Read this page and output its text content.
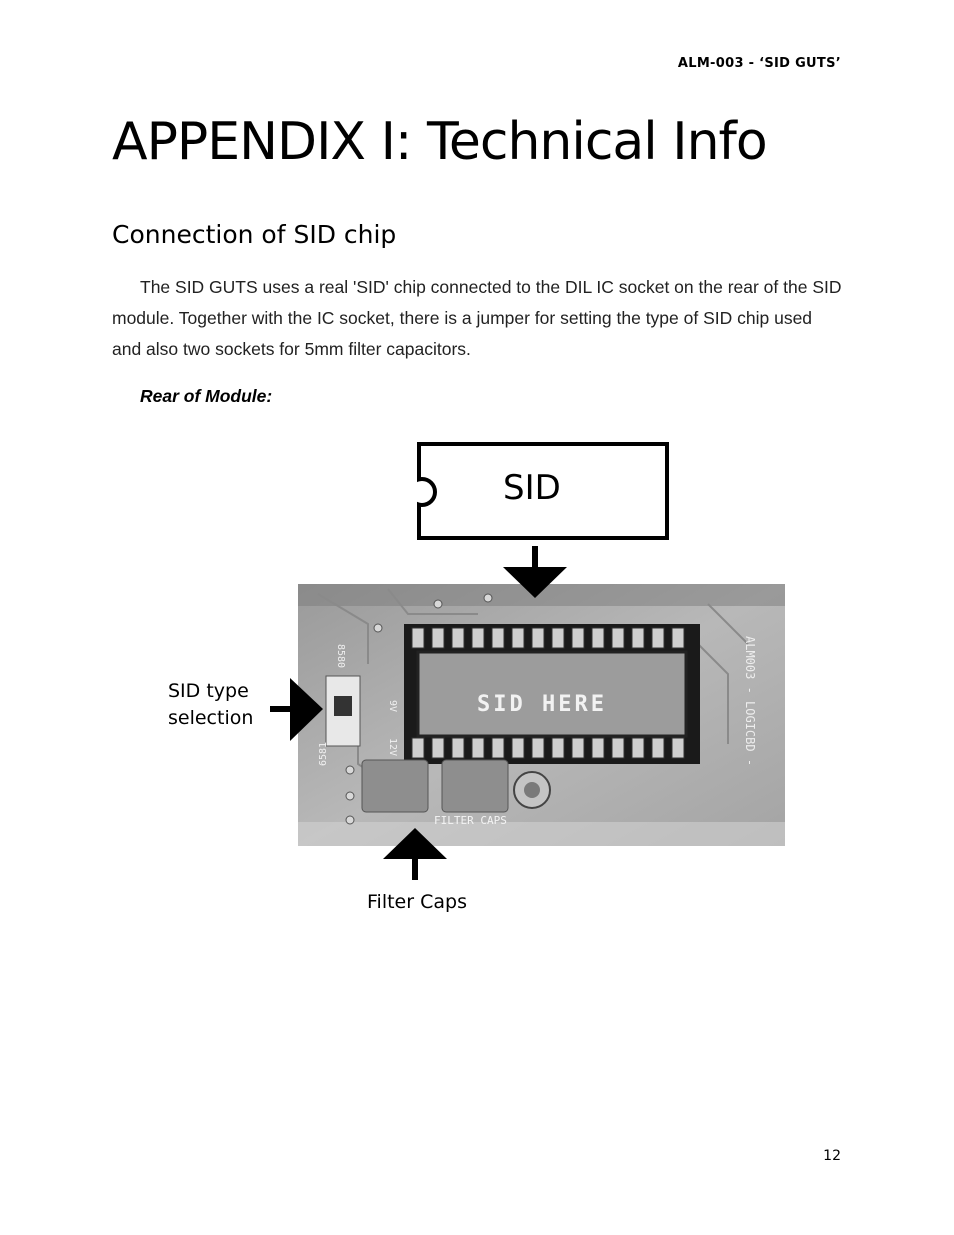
ALM-003 - ‘SID GUTS’
APPENDIX I: Technical Info
Connection of SID chip

The SID GUTS uses a real 'SID' chip connected to the DIL IC socket on the rear of the SID module. Together with the IC socket, there is a jumper for setting the type of SID chip used and also two sockets for 5mm filter capacitors.

Rear of Module:
SID
SID HERE	ALM003 - LOGICBD -
8580
6581
9V
12V
FILTER CAPS
SID type
selection
Filter Caps
12
